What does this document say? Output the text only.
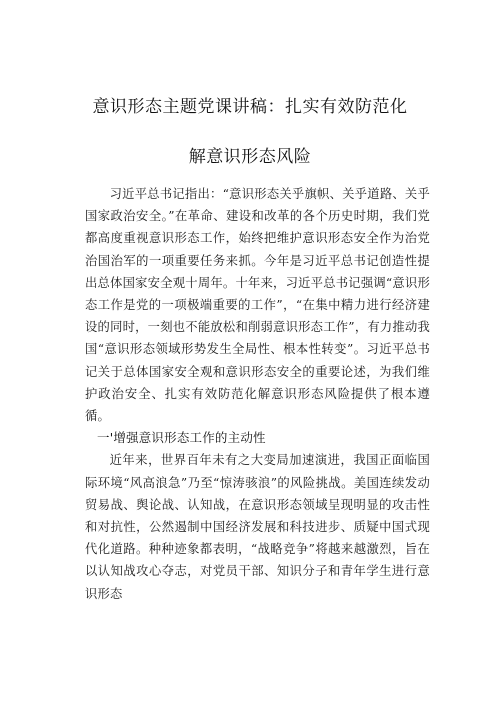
意识形态主题党课讲稿：扎实有效防范化
解意识形态风险

习近平总书记指出：“意识形态关乎旗帜、关乎道路、关乎国家政治安全。”在革命、建设和改革的各个历史时期，我们党都高度重视意识形态工作，始终把维护意识形态安全作为治党治国治军的一项重要任务来抓。今年是习近平总书记创造性提出总体国家安全观十周年。十年来，习近平总书记强调“意识形态工作是党的一项极端重要的工作”，“在集中精力进行经济建设的同时，一刻也不能放松和削弱意识形态工作”，有力推动我国“意识形态领域形势发生全局性、根本性转变”。习近平总书记关于总体国家安全观和意识形态安全的重要论述，为我们维护政治安全、扎实有效防范化解意识形态风险提供了根本遵循。

一'增强意识形态工作的主动性

近年来，世界百年未有之大变局加速演进，我国正面临国际环境“风高浪急”乃至“惊涛骇浪”的风险挑战。美国连续发动贸易战、舆论战、认知战，在意识形态领域呈现明显的攻击性和对抗性，公然遏制中国经济发展和科技进步、质疑中国式现代化道路。种种迹象都表明，“战略竞争”将越来越激烈，旨在以认知战攻心夺志，对党员干部、知识分子和青年学生进行意识形态
